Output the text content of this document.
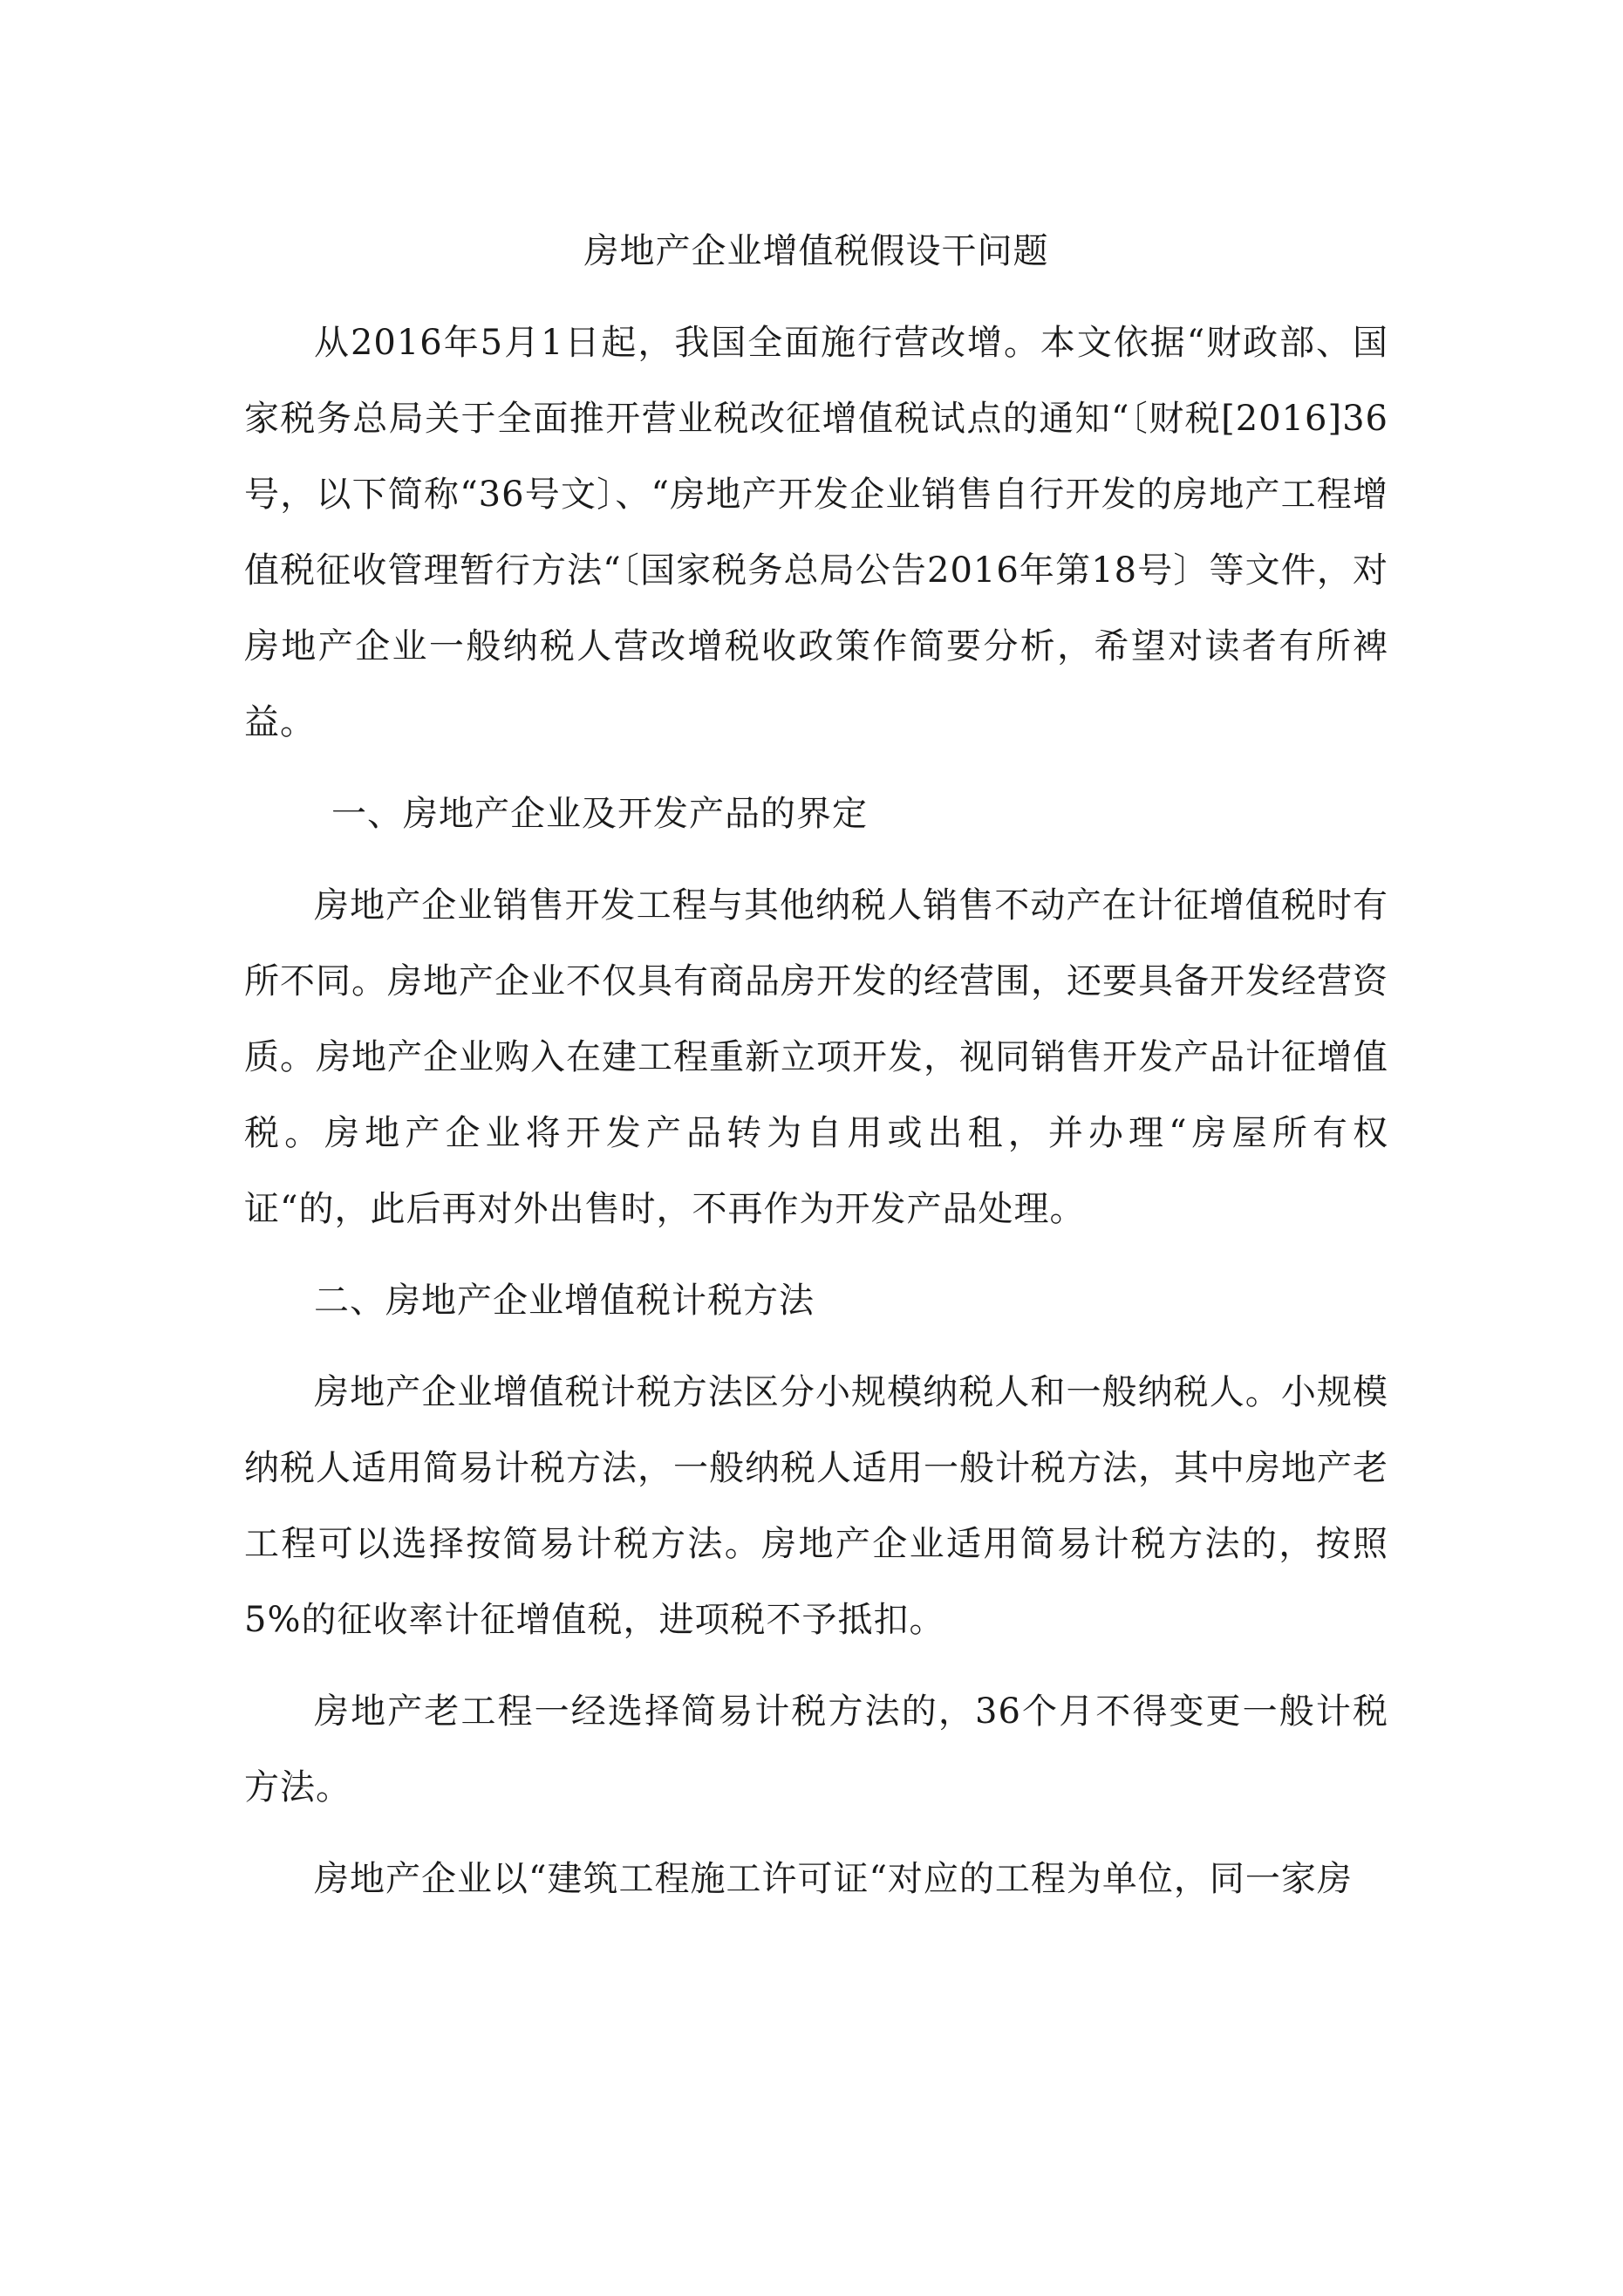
房地产企业增值税假设干问题

从2016年5月1日起，我国全面施行营改增。本文依据“财政部、国家税务总局关于全面推开营业税改征增值税试点的通知“〔财税[2016]36号，以下简称“36号文〕、“房地产开发企业销售自行开发的房地产工程增值税征收管理暂行方法“〔国家税务总局公告2016年第18号〕等文件，对房地产企业一般纳税人营改增税收政策作简要分析，希望对读者有所裨益。

一、房地产企业及开发产品的界定

房地产企业销售开发工程与其他纳税人销售不动产在计征增值税时有所不同。房地产企业不仅具有商品房开发的经营围，还要具备开发经营资质。房地产企业购入在建工程重新立项开发，视同销售开发产品计征增值税。房地产企业将开发产品转为自用或出租，并办理“房屋所有权证“的，此后再对外出售时，不再作为开发产品处理。

二、房地产企业增值税计税方法

房地产企业增值税计税方法区分小规模纳税人和一般纳税人。小规模纳税人适用简易计税方法，一般纳税人适用一般计税方法，其中房地产老工程可以选择按简易计税方法。房地产企业适用简易计税方法的，按照5%的征收率计征增值税，进项税不予抵扣。

房地产老工程一经选择简易计税方法的，36个月不得变更一般计税方法。

房地产企业以“建筑工程施工许可证“对应的工程为单位，同一家房
